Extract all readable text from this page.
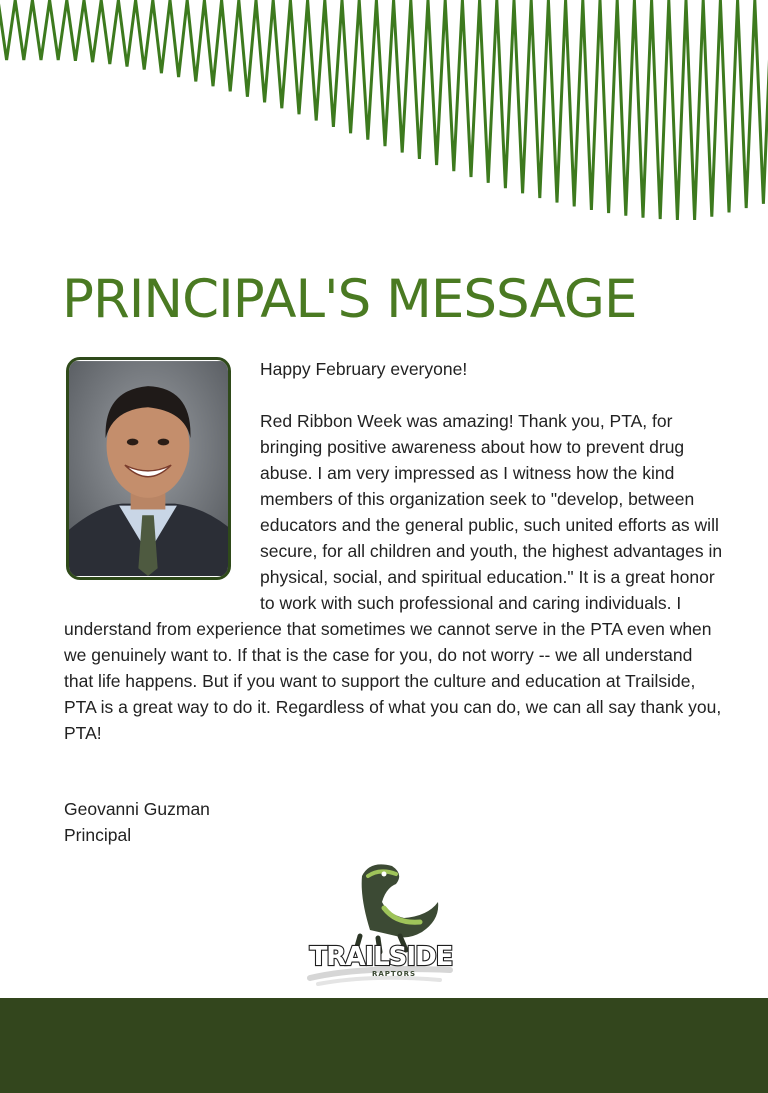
PRINCIPAL'S MESSAGE

Happy February everyone!

Red Ribbon Week was amazing! Thank you, PTA, for bringing positive awareness about how to prevent drug abuse. I am very impressed as I witness how the kind members of this organization seek to "develop, between educators and the general public, such united efforts as will secure, for all children and youth, the highest advantages in physical, social, and spiritual education." It is a great honor to work with such professional and caring individuals. I understand from experience that sometimes we cannot serve in the PTA even when we genuinely want to. If that is the case for you, do not worry -- we all understand that life happens. But if you want to support the culture and education at Trailside, PTA is a great way to do it. Regardless of what you can do, we can all say thank you, PTA!

Geovanni Guzman
Principal
TRAILSIDE
RAPTORS
